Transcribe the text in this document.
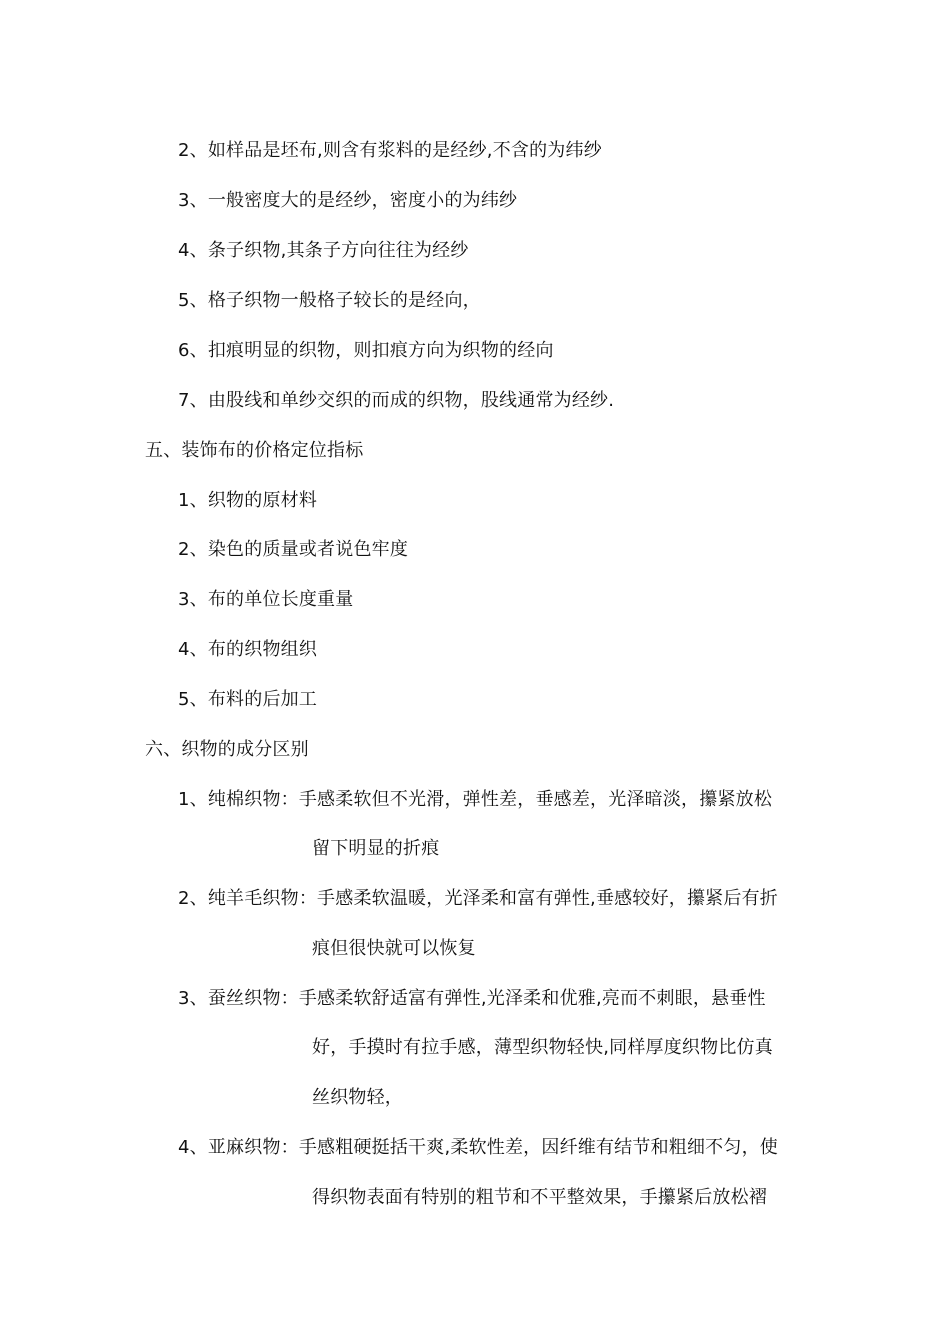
2、如样品是坯布,则含有浆料的是经纱,不含的为纬纱
3、一般密度大的是经纱，密度小的为纬纱
4、条子织物,其条子方向往往为经纱
5、格子织物一般格子较长的是经向，
6、扣痕明显的织物，则扣痕方向为织物的经向
7、由股线和单纱交织的而成的织物，股线通常为经纱.
五、装饰布的价格定位指标
1、织物的原材料
2、染色的质量或者说色牢度
3、布的单位长度重量
4、布的织物组织
5、布料的后加工
六、织物的成分区别
1、纯棉织物：手感柔软但不光滑，弹性差，垂感差，光泽暗淡，攥紧放松
留下明显的折痕
2、纯羊毛织物：手感柔软温暖，光泽柔和富有弹性,垂感较好，攥紧后有折
痕但很快就可以恢复
3、蚕丝织物：手感柔软舒适富有弹性,光泽柔和优雅,亮而不刺眼，悬垂性
好，手摸时有拉手感，薄型织物轻快,同样厚度织物比仿真
丝织物轻，
4、亚麻织物：手感粗硬挺括干爽,柔软性差，因纤维有结节和粗细不匀，使
得织物表面有特别的粗节和不平整效果，手攥紧后放松褶
